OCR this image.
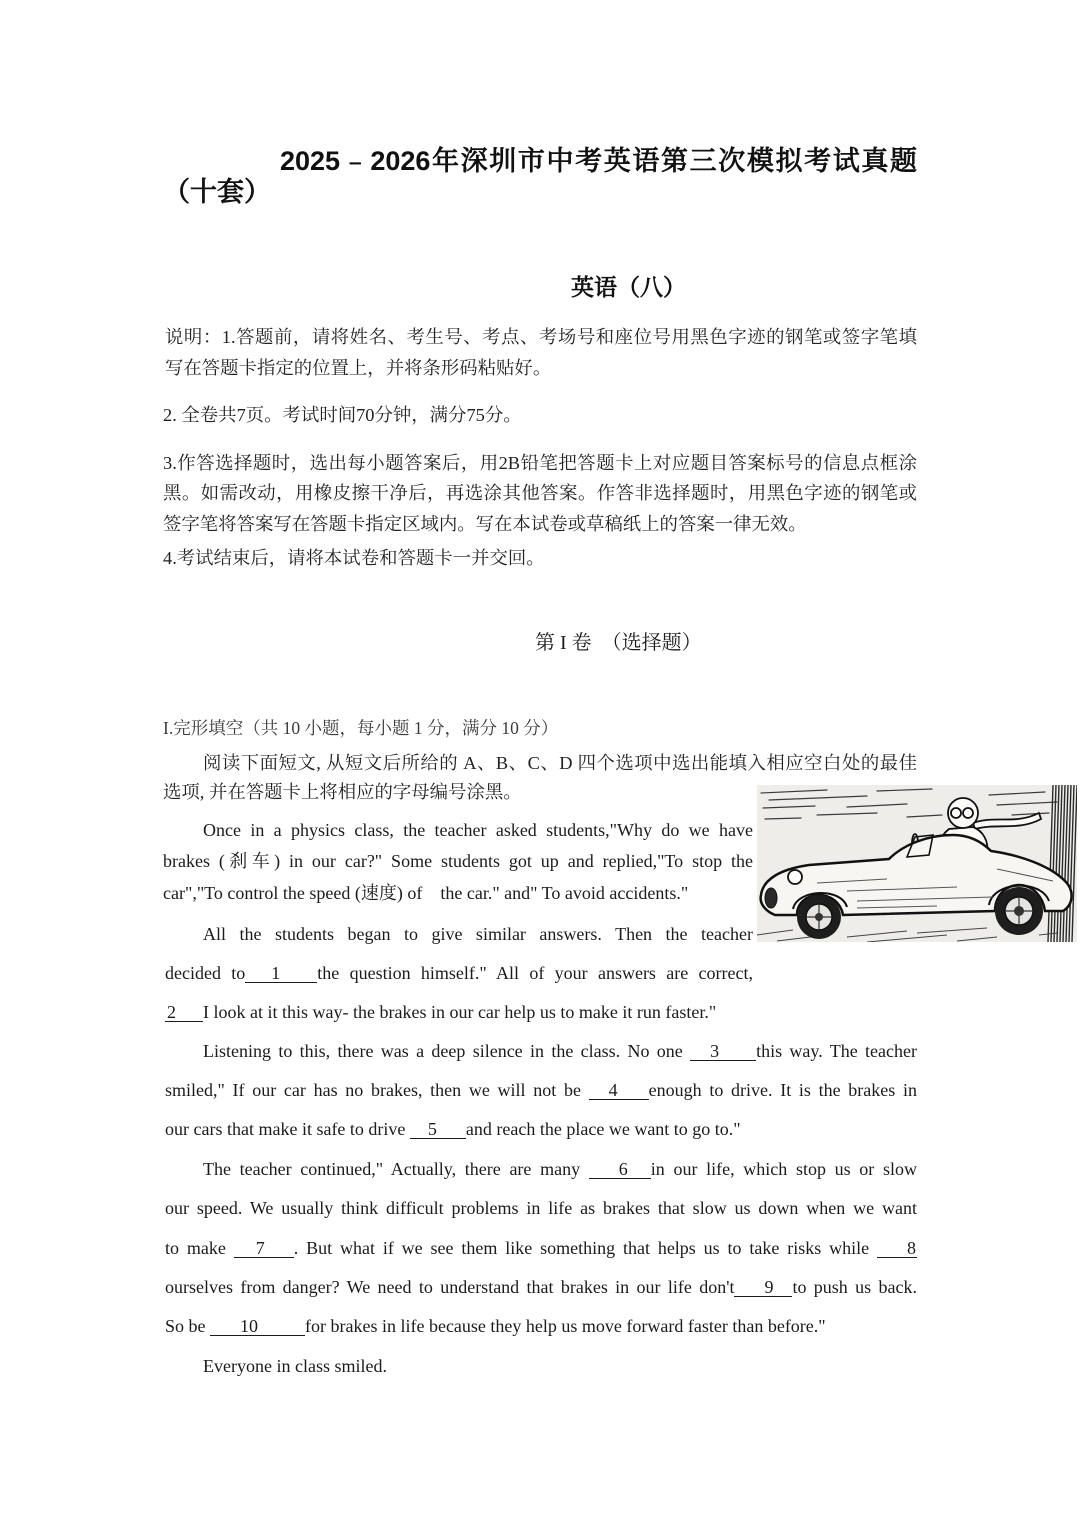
2025﹣2026年深圳市中考英语第三次模拟考试真题
（十套）
英语（八）
说明：1.答题前，请将姓名、考生号、考点、考场号和座位号用黑色字迹的钢笔或签字笔填
写在答题卡指定的位置上，并将条形码粘贴好。
2. 全卷共7页。考试时间70分钟，满分75分。
3.作答选择题时，选出每小题答案后，用2B铅笔把答题卡上对应题目答案标号的信息点框涂
黑。如需改动，用橡皮擦干净后，再选涂其他答案。作答非选择题时，用黑色字迹的钢笔或
签字笔将答案写在答题卡指定区域内。写在本试卷或草稿纸上的答案一律无效。
4.考试结束后，请将本试卷和答题卡一并交回。
第 I 卷  （选择题）
I.完形填空（共 10 小题，每小题 1 分，满分 10 分）
阅读下面短文, 从短文后所给的 A、B、C、D 四个选项中选出能填入相应空白处的最佳
选项, 并在答题卡上将相应的字母编号涂黑。
Once in a physics class, the teacher asked students,"Why do we have
brakes (刹车) in our car?" Some students got up and replied,"To stop the
car","To control the speed (速度) of    the car." and" To avoid accidents."
All the students began to give similar answers. Then the teacher
decided to 1 the question himself." All of your answers are correct,
2 I look at it this way- the brakes in our car help us to make it run faster."
Listening to this, there was a deep silence in the class. No one 3 this way. The teacher
smiled," If our car has no brakes, then we will not be 4 enough to drive. It is the brakes in
our cars that make it safe to drive 5 and reach the place we want to go to."
The teacher continued," Actually, there are many 6 in our life, which stop us or slow
our speed. We usually think difficult problems in life as brakes that slow us down when we want
to make 7 . But what if we see them like something that helps us to take risks while 8
ourselves from danger? We need to understand that brakes in our life don't 9 to push us back.
So be 10	for brakes in life because they help us move forward faster than before."
Everyone in class smiled.
